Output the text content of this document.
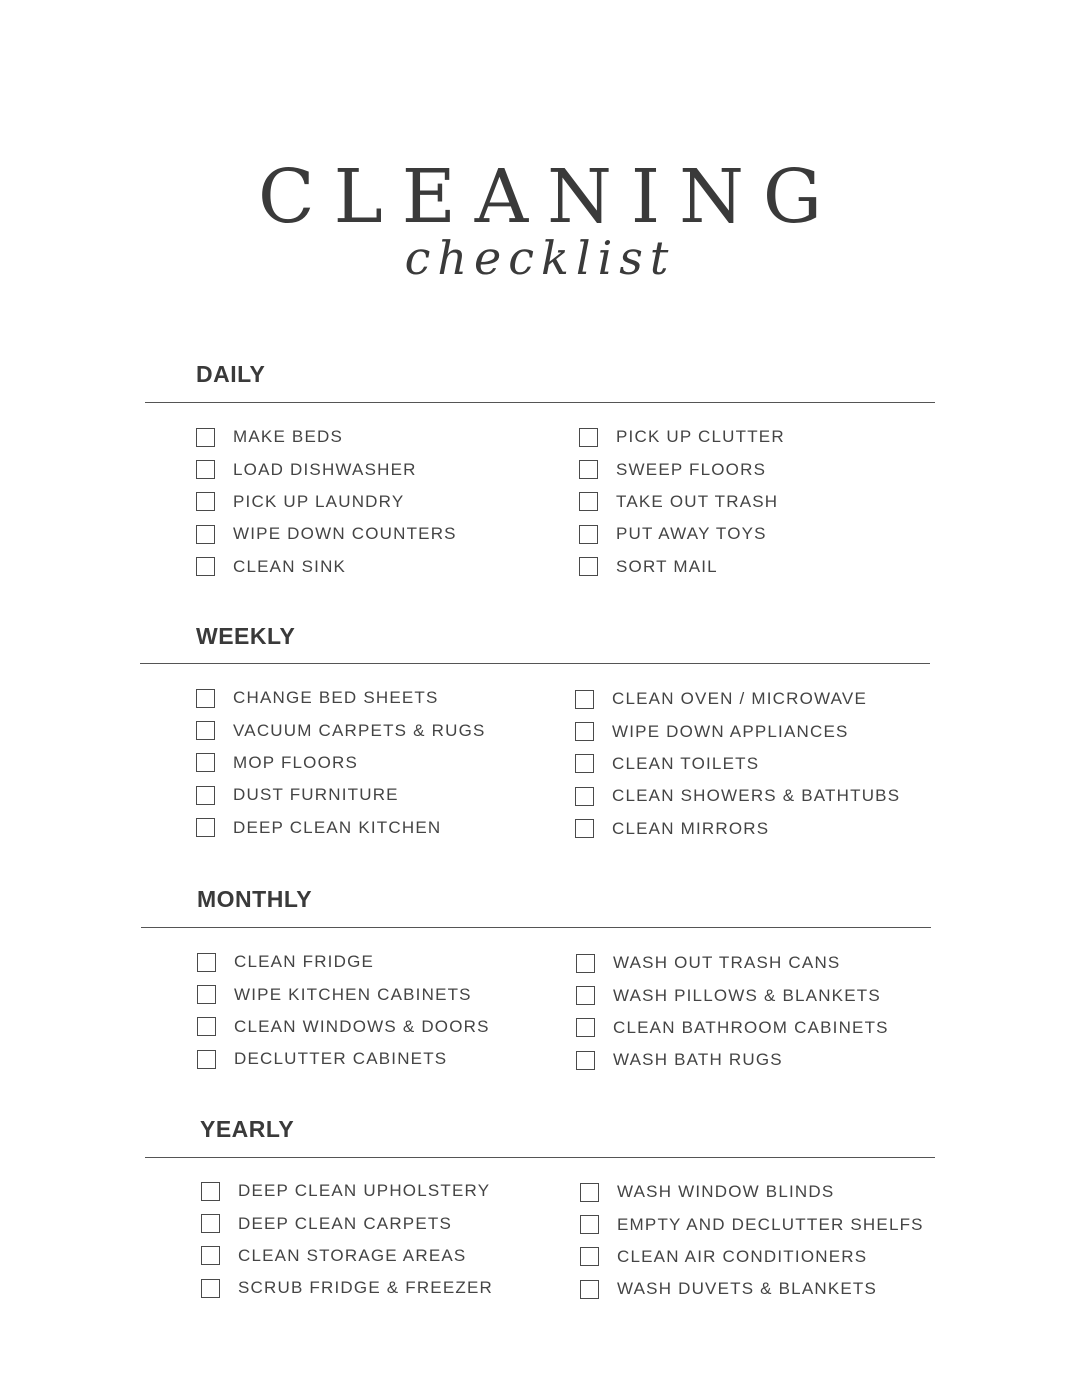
CLEANING
checklist
DAILY
MAKE BEDS
LOAD DISHWASHER
PICK UP LAUNDRY
WIPE DOWN COUNTERS
CLEAN SINK
PICK UP CLUTTER
SWEEP FLOORS
TAKE OUT TRASH
PUT AWAY TOYS
SORT MAIL
WEEKLY
CHANGE BED SHEETS
VACUUM CARPETS & RUGS
MOP FLOORS
DUST FURNITURE
DEEP CLEAN KITCHEN
CLEAN OVEN / MICROWAVE
WIPE DOWN APPLIANCES
CLEAN TOILETS
CLEAN SHOWERS & BATHTUBS
CLEAN MIRRORS
MONTHLY
CLEAN FRIDGE
WIPE KITCHEN CABINETS
CLEAN WINDOWS & DOORS
DECLUTTER CABINETS
WASH OUT TRASH CANS
WASH PILLOWS & BLANKETS
CLEAN BATHROOM CABINETS
WASH BATH RUGS
YEARLY
DEEP CLEAN UPHOLSTERY
DEEP CLEAN CARPETS
CLEAN STORAGE AREAS
SCRUB FRIDGE & FREEZER
WASH WINDOW BLINDS
EMPTY AND DECLUTTER SHELFS
CLEAN AIR CONDITIONERS
WASH DUVETS & BLANKETS
